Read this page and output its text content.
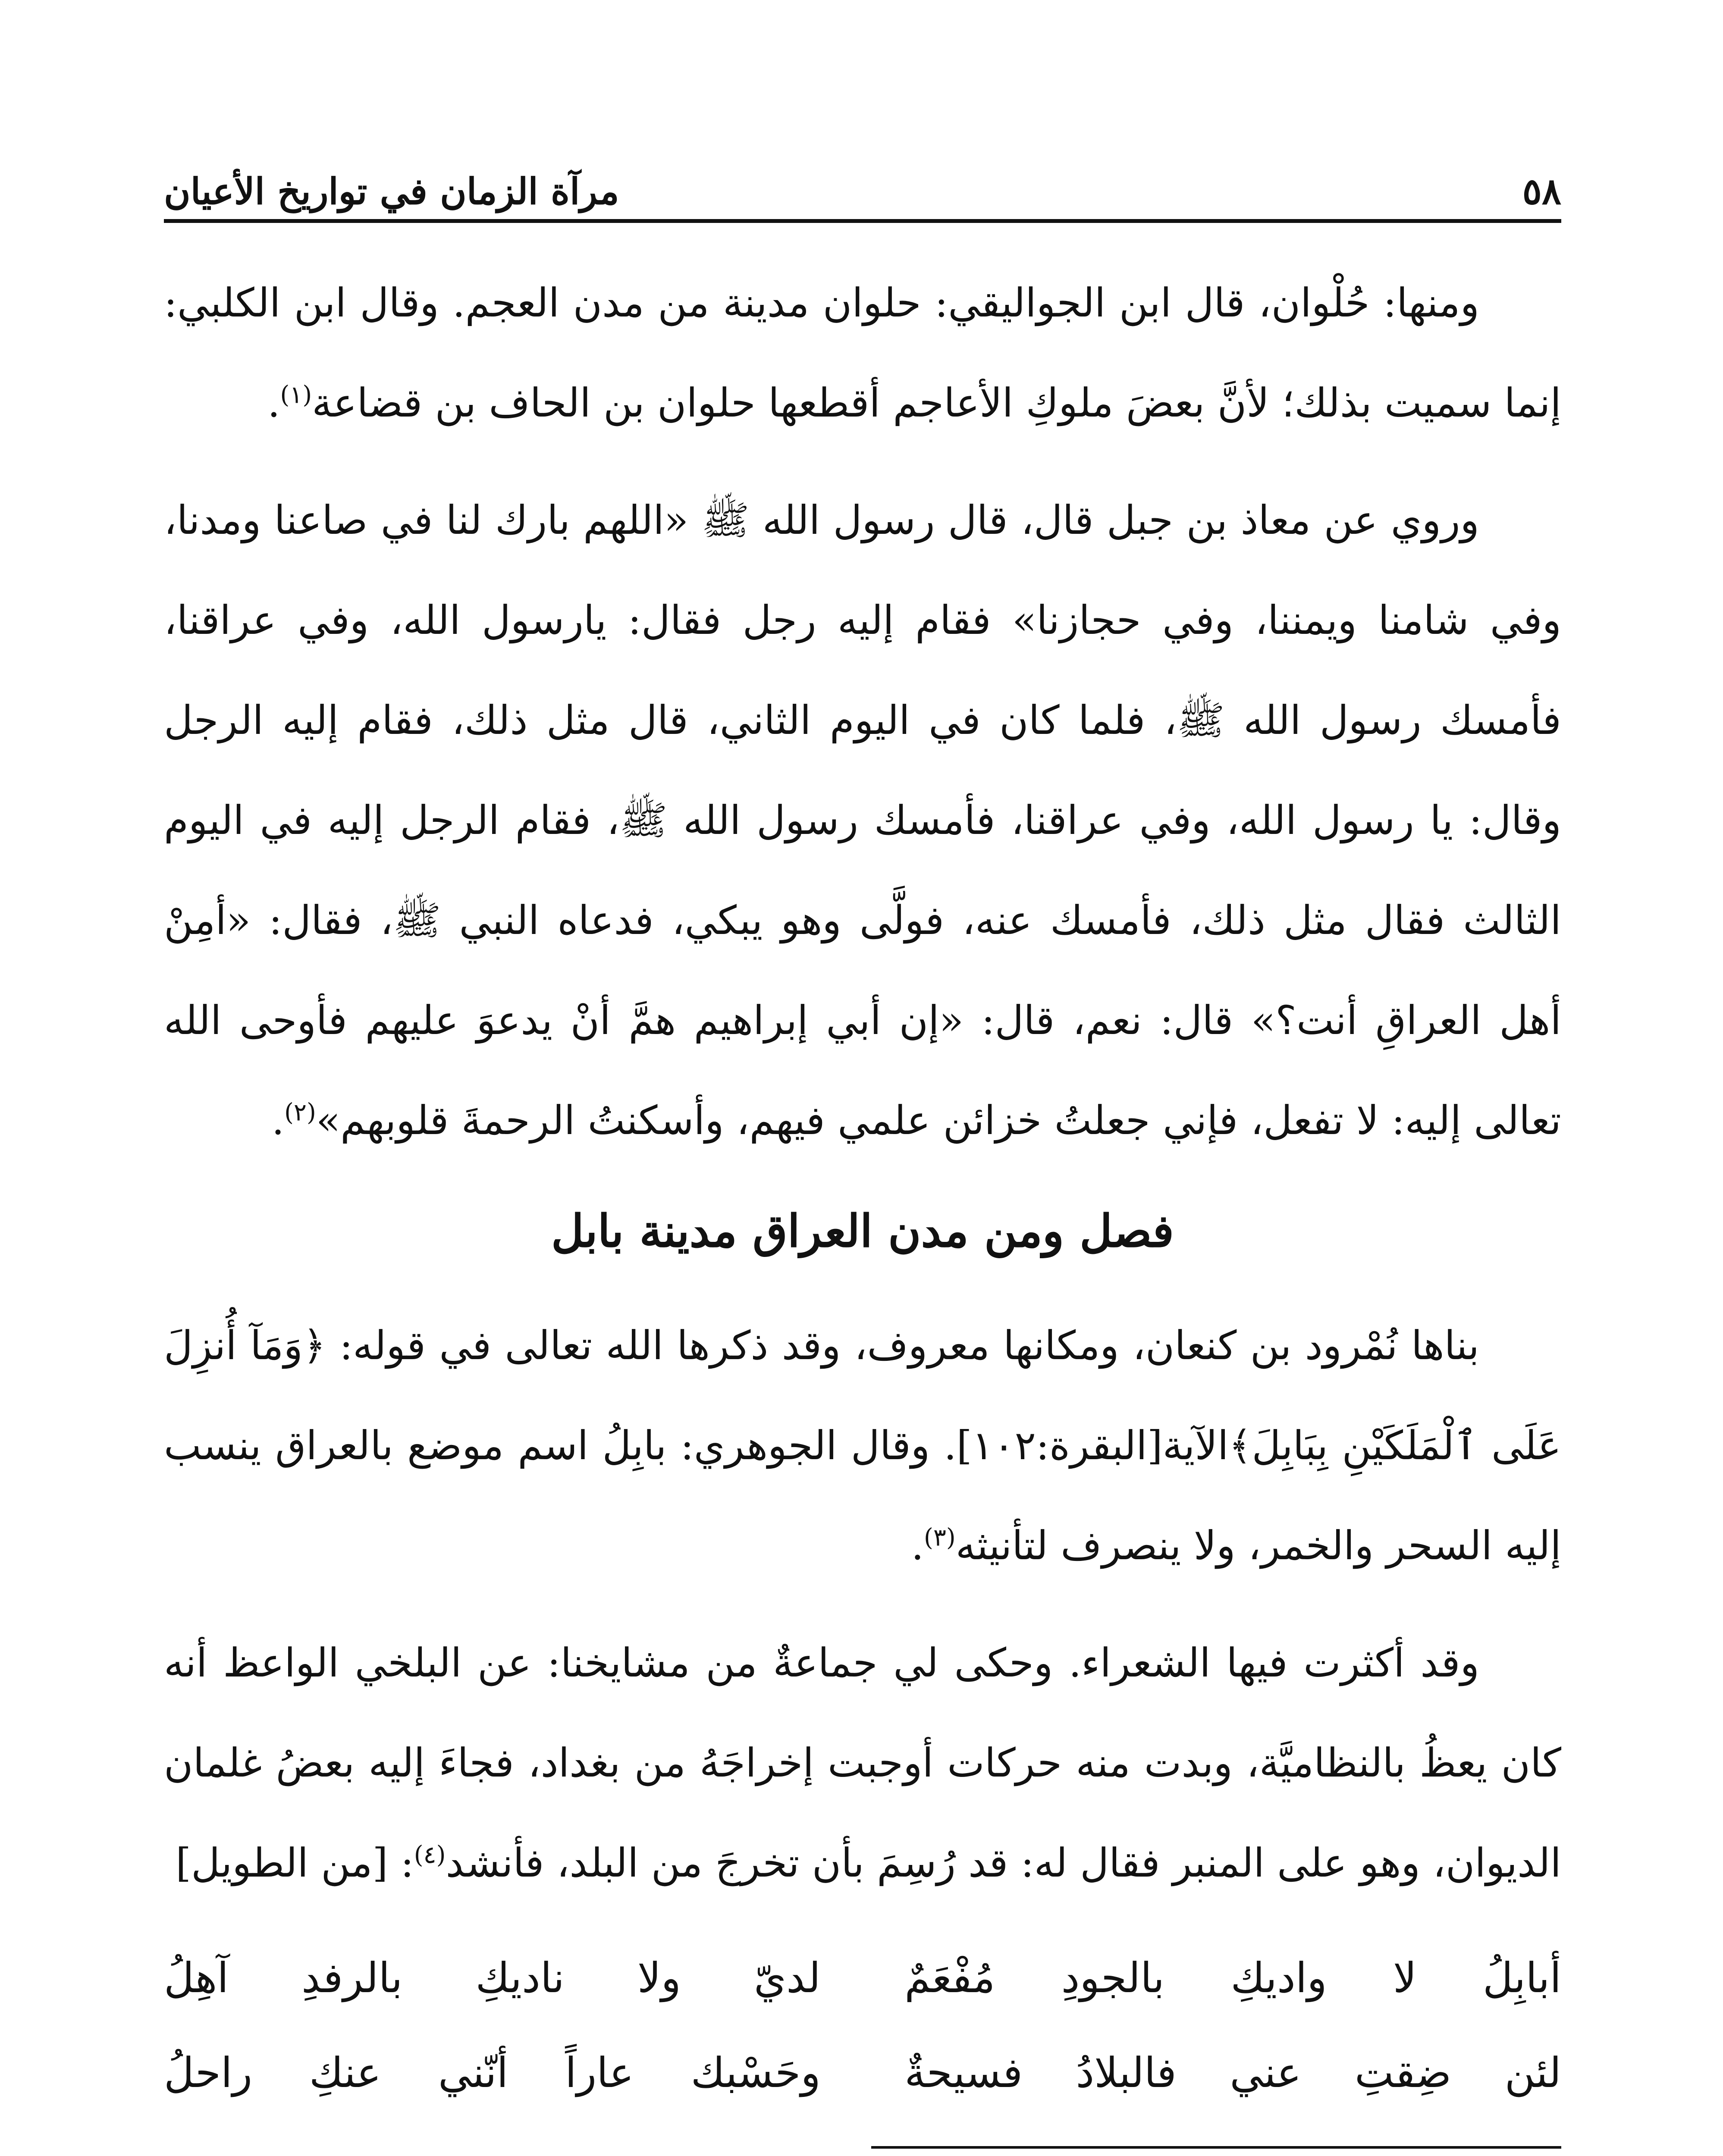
٥٨
مرآة الزمان في تواريخ الأعيان

ومنها: حُلْوان، قال ابن الجواليقي: حلوان مدينة من مدن العجم. وقال ابن الكلبي: إنما سميت بذلك؛ لأنَّ بعضَ ملوكِ الأعاجم أقطعها حلوان بن الحاف بن قضاعة$^{(١)}$.

وروي عن معاذ بن جبل قال، قال رسول الله ﷺ «اللهم بارك لنا في صاعنا ومدنا، وفي شامنا ويمننا، وفي حجازنا» فقام إليه رجل فقال: يارسول الله، وفي عراقنا، فأمسك رسول الله ﷺ، فلما كان في اليوم الثاني، قال مثل ذلك، فقام إليه الرجل وقال: يا رسول الله، وفي عراقنا، فأمسك رسول الله ﷺ، فقام الرجل إليه في اليوم الثالث فقال مثل ذلك، فأمسك عنه، فولَّى وهو يبكي، فدعاه النبي ﷺ، فقال: «أمِنْ أهل العراقِ أنت؟» قال: نعم، قال: «إن أبي إبراهيم همَّ أنْ يدعوَ عليهم فأوحى الله تعالى إليه: لا تفعل، فإني جعلتُ خزائن علمي فيهم، وأسكنتُ الرحمةَ قلوبهم»$^{(٢)}$.

فصل ومن مدن العراق مدينة بابل

بناها نُمْرود بن كنعان، ومكانها معروف، وقد ذكرها الله تعالى في قوله: ﴿وَمَآ أُنزِلَ عَلَى ٱلْمَلَكَيْنِ بِبَابِلَ﴾الآية[البقرة:١٠٢]. وقال الجوهري: بابِلُ اسم موضع بالعراق ينسب إليه السحر والخمر، ولا ينصرف لتأنيثه$^{(٣)}$.

وقد أكثرت فيها الشعراء. وحكى لي جماعةٌ من مشايخنا: عن البلخي الواعظ أنه كان يعظُ بالنظاميَّة، وبدت منه حركات أوجبت إخراجَهُ من بغداد، فجاءَ إليه بعضُ غلمان الديوان، وهو على المنبر فقال له: قد رُسِمَ بأن تخرجَ من البلد، فأنشد$^{(٤)}$: [من الطويل]

أبابِلُ لا واديكِ بالجودِ مُفْعَمٌ
لديّ ولا ناديكِ بالرفدِ آهِلُ
لئن ضِقتِ عني فالبلادُ فسيحةٌ
وحَسْبك عاراً أنّني عنكِ راحلُ
